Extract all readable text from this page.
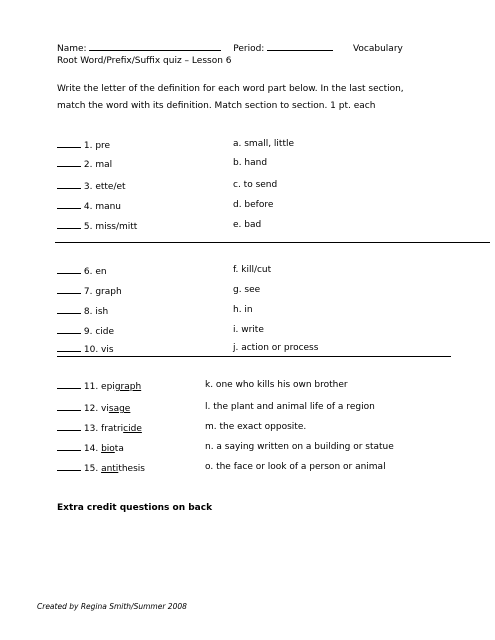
Name:	Period:	Vocabulary
Root Word/Prefix/Suffix quiz – Lesson 6
Write the letter of the definition for each word part below. In the last section,
match the word with its definition. Match section to section. 1 pt. each
1. pre	a. small, little
2. mal	b. hand
3. ette/et	c. to send
4. manu	d. before
5. miss/mitt	e. bad
6. en	f. kill/cut
7. graph	g. see
8. ish	h. in
9. cide	i. write
10. vis	j. action or process
11. epigraph	k. one who kills his own brother
12. visage	l. the plant and animal life of a region
13. fratricide	m. the exact opposite.
14. biota	n. a saying written on a building or statue
15. antithesis	o. the face or look of a person or animal
Extra credit questions on back
Created by Regina Smith/Summer 2008
